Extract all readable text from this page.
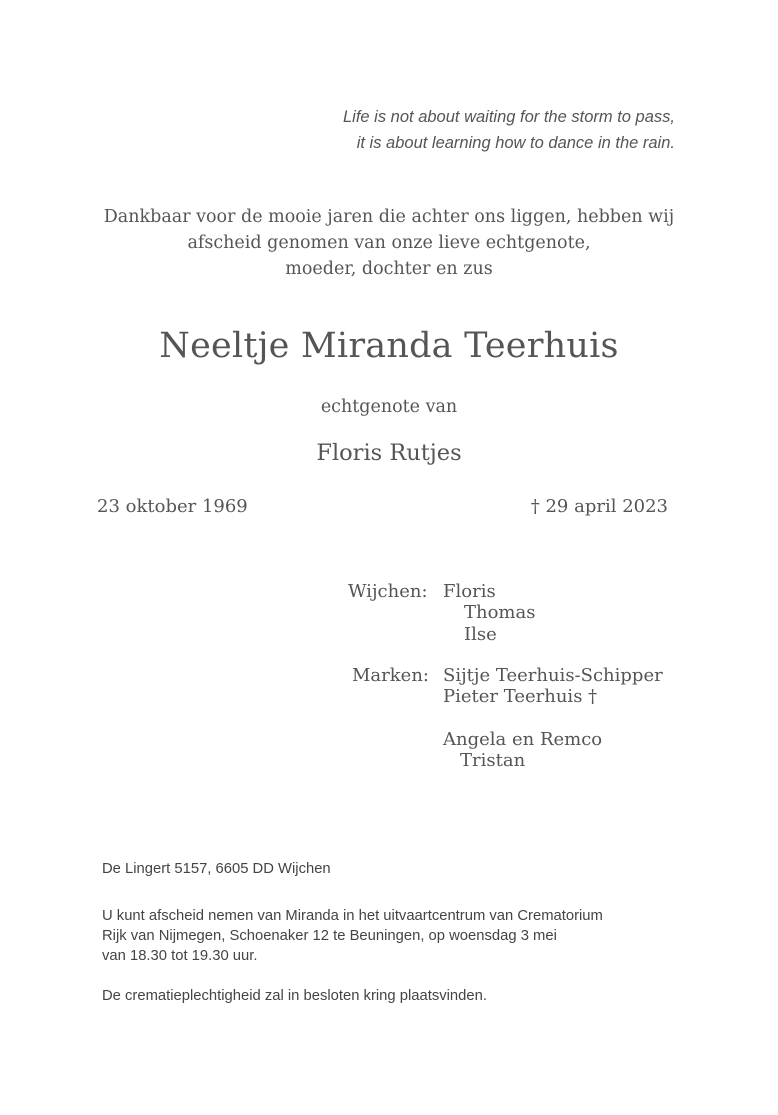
Life is not about waiting for the storm to pass,
it is about learning how to dance in the rain.
Dankbaar voor de mooie jaren die achter ons liggen, hebben wij
afscheid genomen van onze lieve echtgenote,
moeder, dochter en zus
Neeltje Miranda Teerhuis
echtgenote van
Floris Rutjes
23 oktober 1969	† 29 april 2023
Wijchen: Floris
Thomas
Ilse
Marken: Sijtje Teerhuis-Schipper
Pieter Teerhuis †
Angela en Remco
Tristan
De Lingert 5157, 6605 DD Wijchen
U kunt afscheid nemen van Miranda in het uitvaartcentrum van Crematorium
Rijk van Nijmegen, Schoenaker 12 te Beuningen, op woensdag 3 mei
van 18.30 tot 19.30 uur.
De crematieplechtigheid zal in besloten kring plaatsvinden.
